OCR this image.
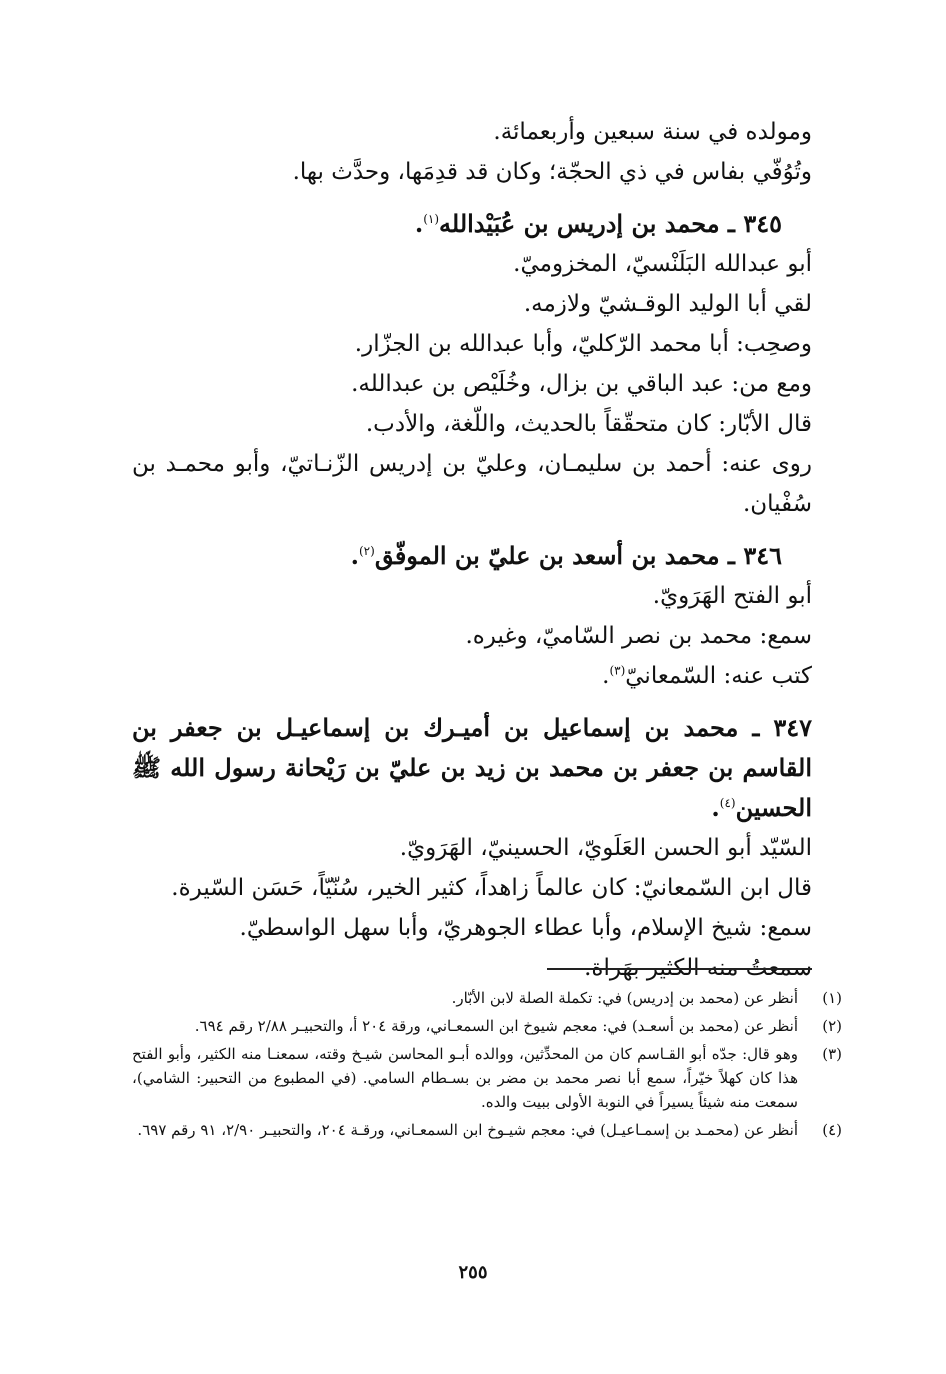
ومولده في سنة سبعين وأربعمائة.
وتُوُفّي بفاس في ذي الحجّة؛ وكان قد قدِمَها، وحدَّث بها.
٣٤٥ ـ محمد بن إدريس بن عُبَيْدالله$^{(١)}$.
أبو عبدالله البَلَنْسيّ، المخزوميّ.
لقي أبا الوليد الوقـشيّ ولازمه.
وصحِب: أبا محمد الرّكليّ، وأبا عبدالله بن الجزّار.
ومع من: عبد الباقي بن بزال، وخُلَيْص بن عبدالله.
قال الأبّار: كان متحقّقاً بالحديث، واللّغة، والأدب.
روى عنه: أحمد بن سليمـان، وعليّ بن إدريس الزّنـاتيّ، وأبو محمـد بن سُفْيان.
٣٤٦ ـ محمد بن أسعد بن عليّ بن الموفّق$^{(٢)}$.
أبو الفتح الهَرَويّ.
سمع: محمد بن نصر السّاميّ، وغيره.
كتب عنه: السّمعانيّ$^{(٣)}$.
٣٤٧ ـ محمد بن إسماعيل بن أميـرك بن إسماعيـل بن جعفر بن القاسم بن جعفر بن محمد بن زيد بن عليّ بن رَيْحانة رسول الله ﷺ الحسين$^{(٤)}$.
السّيّد أبو الحسن العَلَويّ، الحسينيّ، الهَرَويّ.
قال ابن السّمعانيّ: كان عالماً زاهداً، كثير الخير، سُنّيّاً، حَسَن السّيرة.
سمع: شيخ الإسلام، وأبا عطاء الجوهريّ، وأبا سهل الواسطيّ.
سمعتُ منه الكثير بهَراة.
(١)
أنظر عن (محمد بن إدريس) في: تكملة الصلة لابن الأبّار.
(٢)
أنظر عن (محمد بن أسعـد) في: معجم شيوخ ابن السمعـاني، ورقة ٢٠٤ أ، والتحبيـر ٢/٨٨ رقم ٦٩٤.
(٣)
وهو قال: جدّه أبو القـاسم كان من المحدِّثين، ووالده أبـو المحاسن شيـخ وقته، سمعنـا منه الكثير، وأبو الفتح هذا كان كهلاً خيّراً، سمع أبا نصر محمد بن مضر بن بسـطام السامي. (في المطبوع من التحبير: الشامي)، سمعت منه شيئاً يسيراً في النوبة الأولى ببيت والده.
(٤)
أنظر عن (محمـد بن إسمـاعيـل) في: معجم شيـوخ ابن السمعـاني، ورقـة ٢٠٤، والتحبيـر ٢/٩٠، ٩١ رقم ٦٩٧.
٢٥٥
